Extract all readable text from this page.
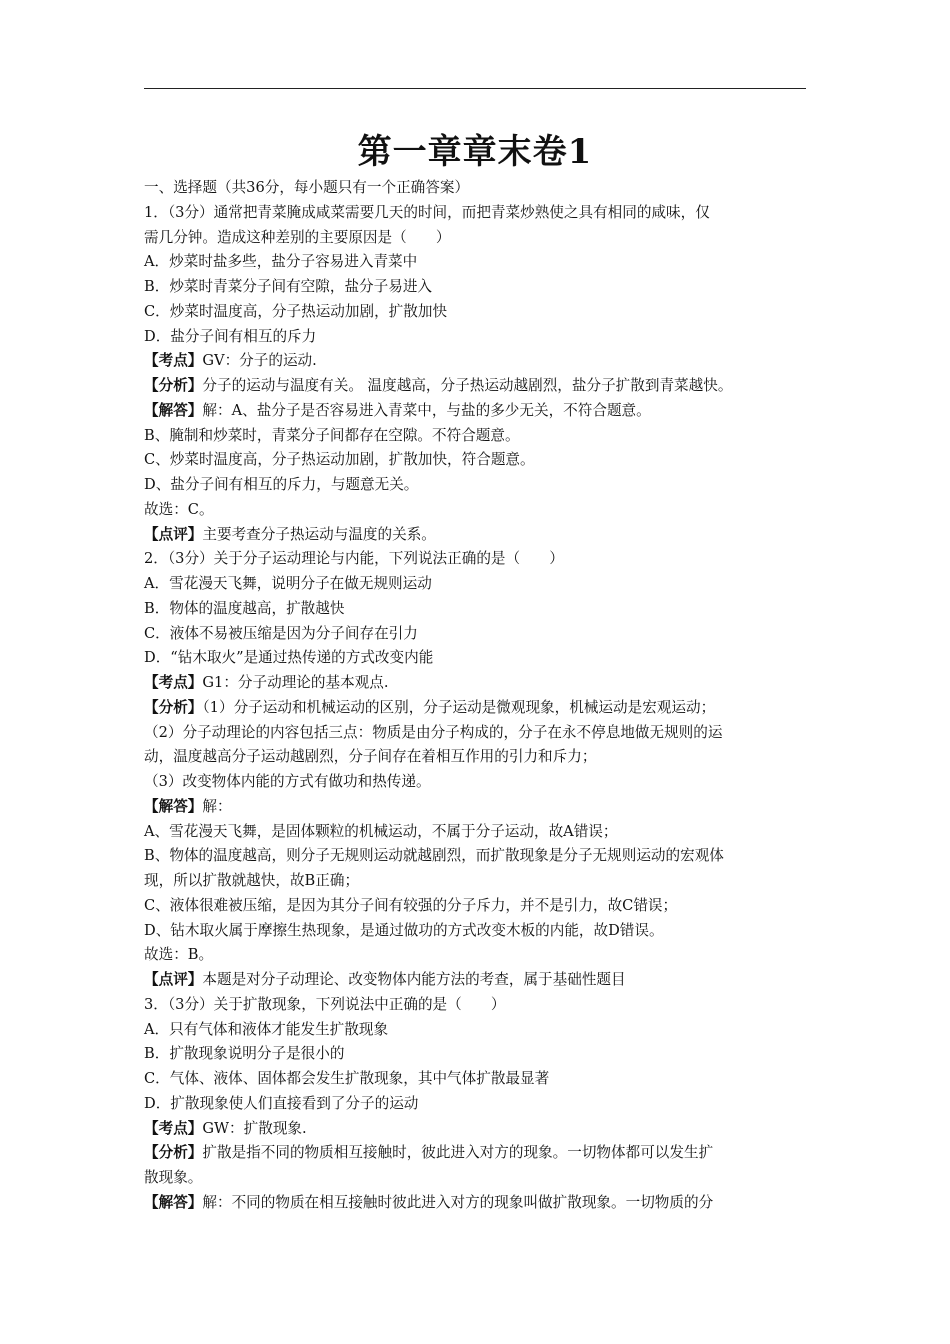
第一章章末卷1
一、选择题（共36分，每小题只有一个正确答案）
1．（3分）通常把青菜腌成咸菜需要几天的时间，而把青菜炒熟使之具有相同的咸味，仅
需几分钟。造成这种差别的主要原因是（　　）
A．炒菜时盐多些，盐分子容易进入青菜中
B．炒菜时青菜分子间有空隙，盐分子易进入
C．炒菜时温度高，分子热运动加剧，扩散加快
D．盐分子间有相互的斥力
【考点】GV：分子的运动.
【分析】分子的运动与温度有关。 温度越高，分子热运动越剧烈，盐分子扩散到青菜越快。
【解答】解：A、盐分子是否容易进入青菜中，与盐的多少无关，不符合题意。
B、腌制和炒菜时，青菜分子间都存在空隙。不符合题意。
C、炒菜时温度高，分子热运动加剧，扩散加快，符合题意。
D、盐分子间有相互的斥力，与题意无关。
故选：C。
【点评】主要考查分子热运动与温度的关系。
2．（3分）关于分子运动理论与内能，下列说法正确的是（　　）
A．雪花漫天飞舞，说明分子在做无规则运动
B．物体的温度越高，扩散越快
C．液体不易被压缩是因为分子间存在引力
D．“钻木取火”是通过热传递的方式改变内能
【考点】G1：分子动理论的基本观点.
【分析】（1）分子运动和机械运动的区别，分子运动是微观现象，机械运动是宏观运动；
（2）分子动理论的内容包括三点：物质是由分子构成的，分子在永不停息地做无规则的运
动，温度越高分子运动越剧烈，分子间存在着相互作用的引力和斥力；
（3）改变物体内能的方式有做功和热传递。
【解答】解：
A、雪花漫天飞舞，是固体颗粒的机械运动，不属于分子运动，故A错误；
B、物体的温度越高，则分子无规则运动就越剧烈，而扩散现象是分子无规则运动的宏观体
现，所以扩散就越快，故B正确；
C、液体很难被压缩，是因为其分子间有较强的分子斥力，并不是引力，故C错误；
D、钻木取火属于摩擦生热现象，是通过做功的方式改变木板的内能，故D错误。
故选：B。
【点评】本题是对分子动理论、改变物体内能方法的考查，属于基础性题目
3．（3分）关于扩散现象，下列说法中正确的是（　　）
A．只有气体和液体才能发生扩散现象
B．扩散现象说明分子是很小的
C．气体、液体、固体都会发生扩散现象，其中气体扩散最显著
D．扩散现象使人们直接看到了分子的运动
【考点】GW：扩散现象.
【分析】扩散是指不同的物质相互接触时，彼此进入对方的现象。一切物体都可以发生扩
散现象。
【解答】解：不同的物质在相互接触时彼此进入对方的现象叫做扩散现象。一切物质的分
